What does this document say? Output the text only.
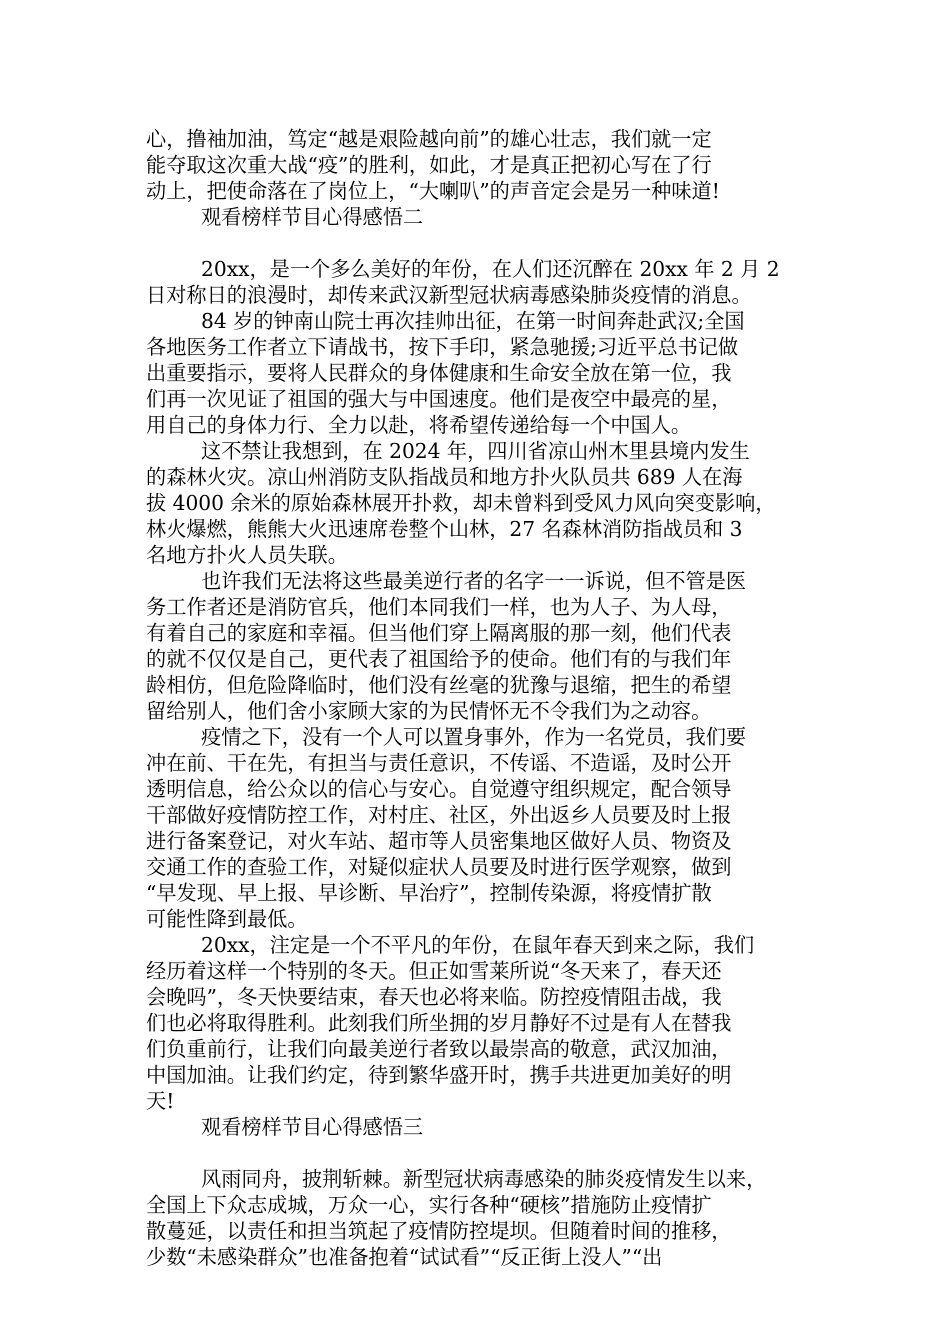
心，撸袖加油，笃定“越是艰险越向前”的雄心壮志，我们就一定
能夺取这次重大战“疫”的胜利，如此，才是真正把初心写在了行
动上，把使命落在了岗位上，“大喇叭”的声音定会是另一种味道!
观看榜样节目心得感悟二
20xx，是一个多么美好的年份，在人们还沉醉在 20xx 年 2 月 2
日对称日的浪漫时，却传来武汉新型冠状病毒感染肺炎疫情的消息。
84 岁的钟南山院士再次挂帅出征，在第一时间奔赴武汉;全国
各地医务工作者立下请战书，按下手印，紧急驰援;习近平总书记做
出重要指示，要将人民群众的身体健康和生命安全放在第一位，我
们再一次见证了祖国的强大与中国速度。他们是夜空中最亮的星，
用自己的身体力行、全力以赴，将希望传递给每一个中国人。
这不禁让我想到，在 2024 年，四川省凉山州木里县境内发生
的森林火灾。凉山州消防支队指战员和地方扑火队员共 689 人在海
拔 4000 余米的原始森林展开扑救，却未曾料到受风力风向突变影响，
林火爆燃，熊熊大火迅速席卷整个山林，27 名森林消防指战员和 3
名地方扑火人员失联。
也许我们无法将这些最美逆行者的名字一一诉说，但不管是医
务工作者还是消防官兵，他们本同我们一样，也为人子、为人母，
有着自己的家庭和幸福。但当他们穿上隔离服的那一刻，他们代表
的就不仅仅是自己，更代表了祖国给予的使命。他们有的与我们年
龄相仿，但危险降临时，他们没有丝毫的犹豫与退缩，把生的希望
留给别人，他们舍小家顾大家的为民情怀无不令我们为之动容。
疫情之下，没有一个人可以置身事外，作为一名党员，我们要
冲在前、干在先，有担当与责任意识，不传谣、不造谣，及时公开
透明信息，给公众以的信心与安心。自觉遵守组织规定，配合领导
干部做好疫情防控工作，对村庄、社区，外出返乡人员要及时上报
进行备案登记，对火车站、超市等人员密集地区做好人员、物资及
交通工作的查验工作，对疑似症状人员要及时进行医学观察，做到
“早发现、早上报、早诊断、早治疗”，控制传染源，将疫情扩散
可能性降到最低。
20xx，注定是一个不平凡的年份，在鼠年春天到来之际，我们
经历着这样一个特别的冬天。但正如雪莱所说“冬天来了，春天还
会晚吗”，冬天快要结束，春天也必将来临。防控疫情阻击战，我
们也必将取得胜利。此刻我们所坐拥的岁月静好不过是有人在替我
们负重前行，让我们向最美逆行者致以最崇高的敬意，武汉加油，
中国加油。让我们约定，待到繁华盛开时，携手共进更加美好的明
天!
观看榜样节目心得感悟三
风雨同舟，披荆斩棘。新型冠状病毒感染的肺炎疫情发生以来，
全国上下众志成城，万众一心，实行各种“硬核”措施防止疫情扩
散蔓延，以责任和担当筑起了疫情防控堤坝。但随着时间的推移，
少数“未感染群众”也准备抱着“试试看”“反正街上没人”“出
